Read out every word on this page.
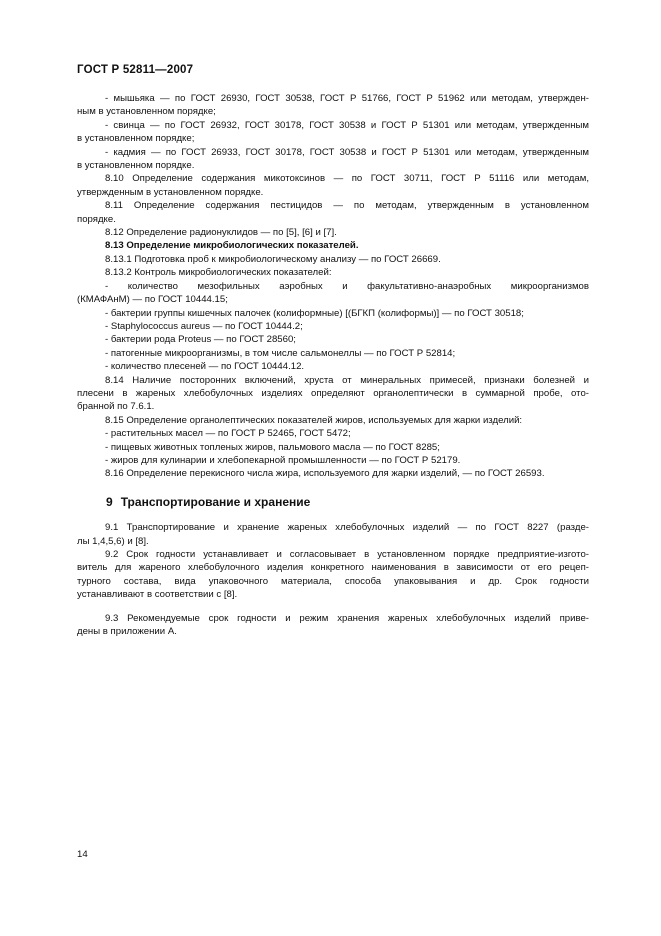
ГОСТ Р 52811—2007

- мышьяка — по ГОСТ 26930, ГОСТ 30538, ГОСТ Р 51766, ГОСТ Р 51962 или методам, утвержден-

ным в установленном порядке;

- свинца — по ГОСТ 26932, ГОСТ 30178, ГОСТ 30538 и ГОСТ Р 51301 или методам, утвержденным

в установленном порядке;

- кадмия — по ГОСТ 26933, ГОСТ 30178, ГОСТ 30538 и ГОСТ Р 51301 или методам, утвержденным

в установленном порядке.

8.10 Определение содержания микотоксинов — по ГОСТ 30711, ГОСТ Р 51116 или методам,

утвержденным в установленном порядке.

8.11 Определение содержания пестицидов — по методам, утвержденным в установленном

порядке.

8.12 Определение радионуклидов — по [5], [6] и [7].

8.13 Определение микробиологических показателей.

8.13.1 Подготовка проб к микробиологическому анализу — по ГОСТ 26669.

8.13.2 Контроль микробиологических показателей:

- количество мезофильных аэробных и факультативно-анаэробных микроорганизмов

(КМАФАнМ) — по ГОСТ 10444.15;

- бактерии группы кишечных палочек (колиформные) [(БГКП (колиформы)] — по ГОСТ 30518;

- Staphylococcus aureus — по ГОСТ 10444.2;

- бактерии рода Proteus — по ГОСТ 28560;

- патогенные микроорганизмы, в том числе сальмонеллы — по ГОСТ Р 52814;

- количество плесеней — по ГОСТ 10444.12.

8.14 Наличие посторонних включений, хруста от минеральных примесей, признаки болезней и

плесени в жареных хлебобулочных изделиях определяют органолептически в суммарной пробе, ото-

бранной по 7.6.1.

8.15 Определение органолептических показателей жиров, используемых для жарки изделий:

- растительных масел — по ГОСТ Р 52465, ГОСТ 5472;

- пищевых животных топленых жиров, пальмового масла — по ГОСТ 8285;

- жиров для кулинарии и хлебопекарной промышленности — по ГОСТ Р 52179.

8.16 Определение перекисного числа жира, используемого для жарки изделий, — по ГОСТ 26593.

9 Транспортирование и хранение

9.1 Транспортирование и хранение жареных хлебобулочных изделий — по ГОСТ 8227 (разде-

лы 1,4,5,6) и [8].

9.2 Срок годности устанавливает и согласовывает в установленном порядке предприятие-изгото-

витель для жареного хлебобулочного изделия конкретного наименования в зависимости от его рецеп-

турного состава, вида упаковочного материала, способа упаковывания и др. Срок годности

устанавливают в соответствии с [8].

9.3 Рекомендуемые срок годности и режим хранения жареных хлебобулочных изделий приве-

дены в приложении А.

14
